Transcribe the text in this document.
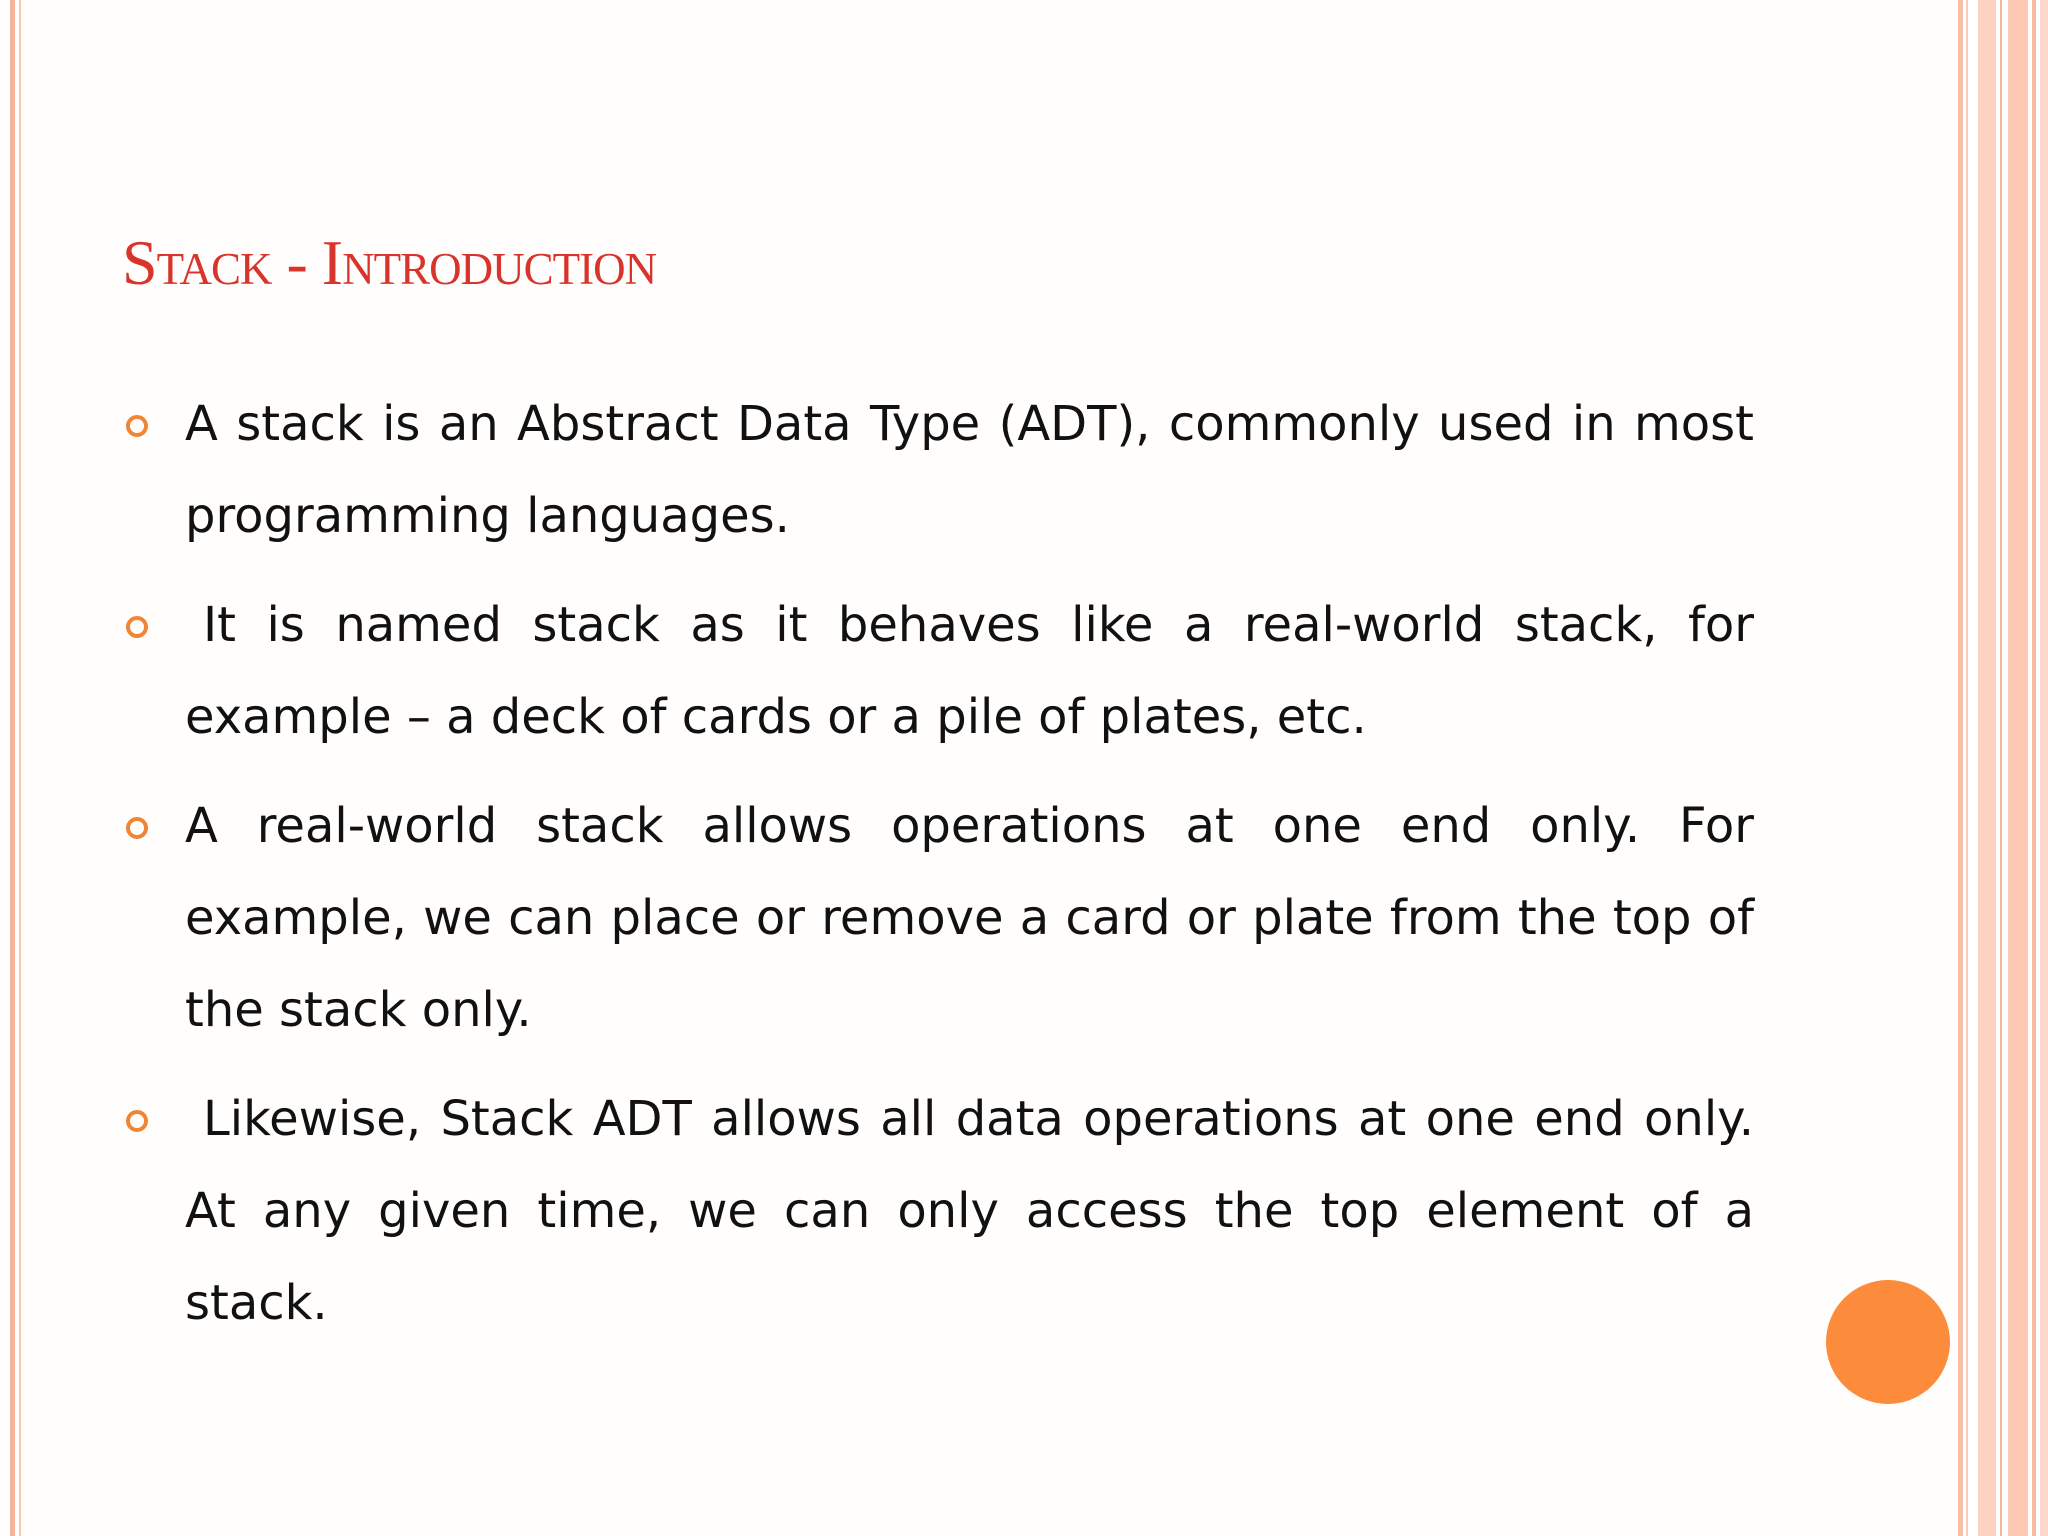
Stack - Introduction
A stack is an Abstract Data Type (ADT), commonly used in most programming languages.
It is named stack as it behaves like a real-world stack, for example – a deck of cards or a pile of plates, etc.
A real-world stack allows operations at one end only. For example, we can place or remove a card or plate from the top of the stack only.
Likewise, Stack ADT allows all data operations at one end only. At any given time, we can only access the top element of a stack.
